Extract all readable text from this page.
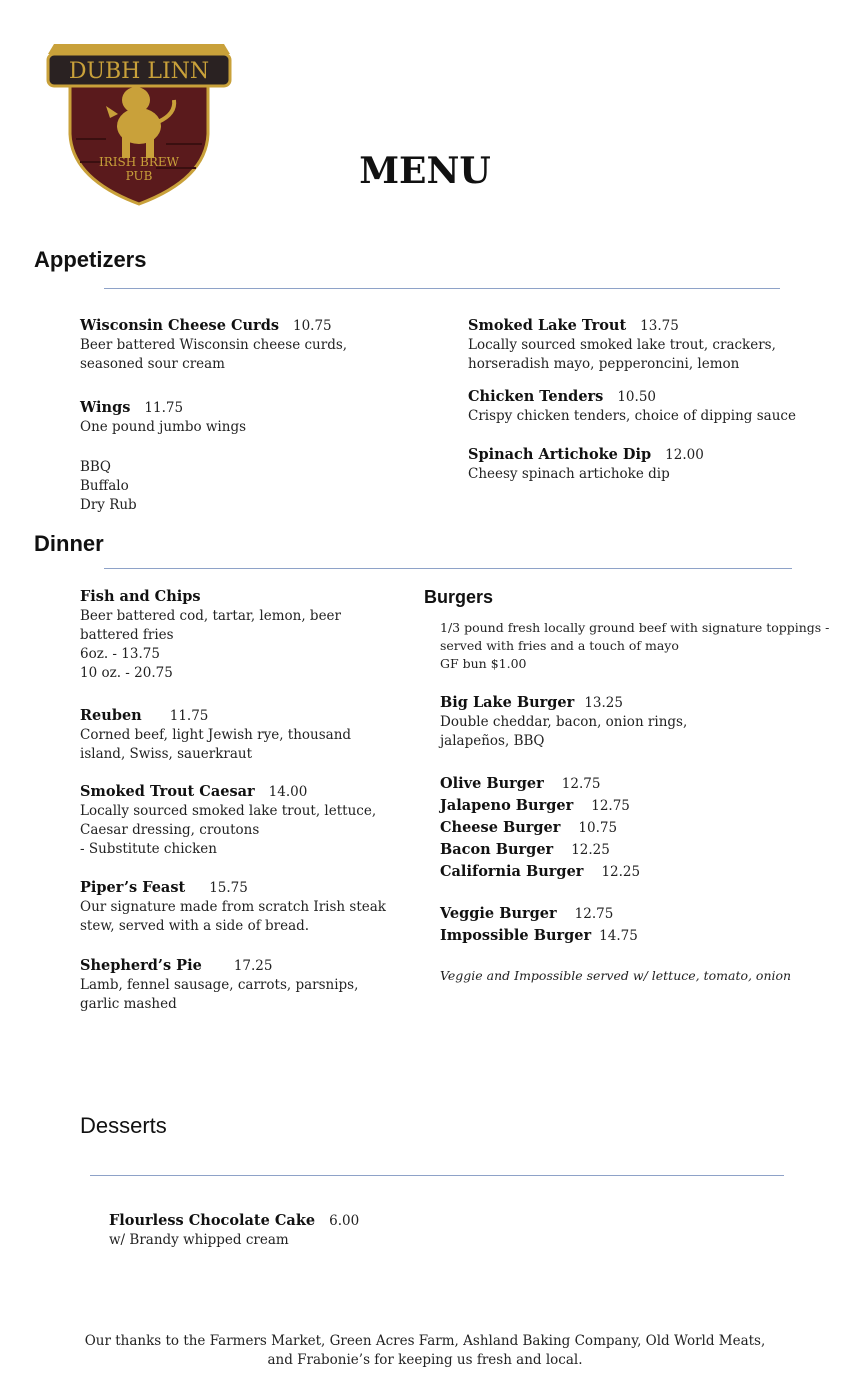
DUBH LINN
IRISH BREW
PUB	MENU
Appetizers
Wisconsin Cheese Curds 10.75
Beer battered Wisconsin cheese curds,
seasoned sour cream
Wings 11.75
One pound jumbo wings
BBQ
Buffalo
Dry Rub
Smoked Lake Trout 13.75
Locally sourced smoked lake trout, crackers,
horseradish mayo, pepperoncini, lemon
Chicken Tenders 10.50
Crispy chicken tenders, choice of dipping sauce
Spinach Artichoke Dip 12.00
Cheesy spinach artichoke dip
Dinner
Fish and Chips
Beer battered cod, tartar, lemon, beer
battered fries
6oz. - 13.75
10 oz. - 20.75
Reuben 11.75
Corned beef, light Jewish rye, thousand
island, Swiss, sauerkraut
Smoked Trout Caesar 14.00
Locally sourced smoked lake trout, lettuce,
Caesar dressing, croutons
- Substitute chicken
Piper’s Feast 15.75
Our signature made from scratch Irish steak
stew, served with a side of bread.
Shepherd’s Pie 17.25
Lamb, fennel sausage, carrots, parsnips,
garlic mashed
Burgers
1/3 pound fresh locally ground beef with signature toppings -
served with fries and a touch of mayo
GF bun $1.00
Big Lake Burger 13.25
Double cheddar, bacon, onion rings,
jalapeños, BBQ
Olive Burger 12.75
Jalapeno Burger 12.75
Cheese Burger 10.75
Bacon Burger 12.25
California Burger 12.25
Veggie Burger 12.75
Impossible Burger 14.75
Veggie and Impossible served w/ lettuce, tomato, onion
Desserts
Flourless Chocolate Cake 6.00
w/ Brandy whipped cream
Our thanks to the Farmers Market, Green Acres Farm, Ashland Baking Company, Old World Meats,
and Frabonie’s for keeping us fresh and local.
